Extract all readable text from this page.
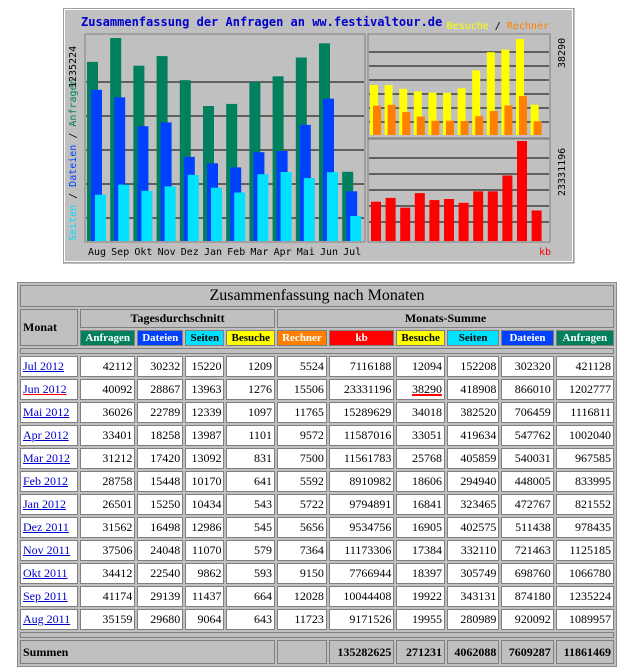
Zusammenfassung der Anfragen an ww.festivaltour.de Besuche / Rechner
Aug Sep Okt Nov Dez Jan Feb Mar Apr Mai Jun Jul
Seiten / Dateien / Anfragen
1235224	38290
23331196
kb
Zusammenfassung nach Monaten										
Monat	Tagesdurchschnitt				Monats-Summe					
	Anfragen	Dateien	Seiten	Besuche	Rechner	kb	Besuche	Seiten	Dateien	Anfragen

Jul 2012	42112	30232	15220	1209	5524	7116188	12094	152208	302320	421128
Jun 2012	40092	28867	13963	1276	15506	23331196	38290	418908	866010	1202777
Mai 2012	36026	22789	12339	1097	11765	15289629	34018	382520	706459	1116811
Apr 2012	33401	18258	13987	1101	9572	11587016	33051	419634	547762	1002040
Mar 2012	31212	17420	13092	831	7500	11561783	25768	405859	540031	967585
Feb 2012	28758	15448	10170	641	5592	8910982	18606	294940	448005	833995
Jan 2012	26501	15250	10434	543	5722	9794891	16841	323465	472767	821552
Dez 2011	31562	16498	12986	545	5656	9534756	16905	402575	511438	978435
Nov 2011	37506	24048	11070	579	7364	11173306	17384	332110	721463	1125185
Okt 2011	34412	22540	9862	593	9150	7766944	18397	305749	698760	1066780
Sep 2011	41174	29139	11437	664	12028	10044408	19922	343131	874180	1235224
Aug 2011	35159	29680	9064	643	11723	9171526	19955	280989	920092	1089957

Summen						135282625	271231	4062088	7609287	11861469
